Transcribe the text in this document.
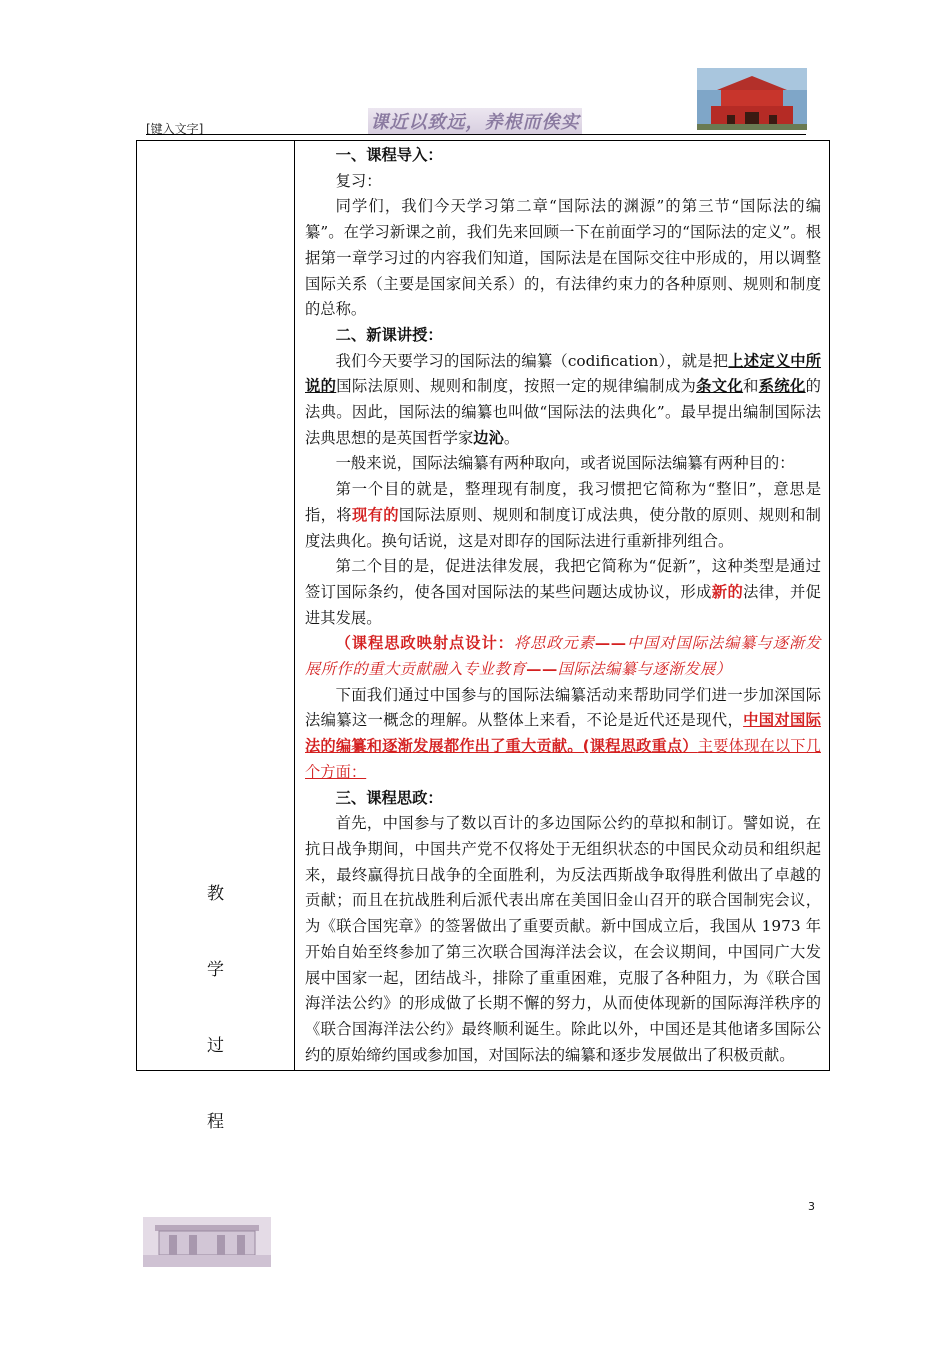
[键入文字]	课近以致远，养根而俟实
教
学
过
程

一、课程导入：

复习：

同学们，我们今天学习第二章“国际法的渊源”的第三节“国际法的编纂”。在学习新课之前，我们先来回顾一下在前面学习的“国际法的定义”。根据第一章学习过的内容我们知道，国际法是在国际交往中形成的，用以调整国际关系（主要是国家间关系）的，有法律约束力的各种原则、规则和制度的总称。

二、新课讲授：

我们今天要学习的国际法的编纂（codification），就是把上述定义中所说的国际法原则、规则和制度，按照一定的规律编制成为条文化和系统化的法典。因此，国际法的编纂也叫做“国际法的法典化”。最早提出编制国际法法典思想的是英国哲学家边沁。

一般来说，国际法编纂有两种取向，或者说国际法编纂有两种目的：

第一个目的就是，整理现有制度，我习惯把它简称为“整旧”，意思是指，将现有的国际法原则、规则和制度订成法典，使分散的原则、规则和制度法典化。换句话说，这是对即存的国际法进行重新排列组合。

第二个目的是，促进法律发展，我把它简称为“促新”，这种类型是通过签订国际条约，使各国对国际法的某些问题达成协议，形成新的法律，并促进其发展。

（课程思政映射点设计：将思政元素——中国对国际法编纂与逐渐发展所作的重大贡献融入专业教育——国际法编纂与逐渐发展）

下面我们通过中国参与的国际法编纂活动来帮助同学们进一步加深国际法编纂这一概念的理解。从整体上来看，不论是近代还是现代，中国对国际法的编纂和逐渐发展都作出了重大贡献。(课程思政重点）主要体现在以下几个方面：

三、课程思政：

首先，中国参与了数以百计的多边国际公约的草拟和制订。譬如说，在抗日战争期间，中国共产党不仅将处于无组织状态的中国民众动员和组织起来，最终赢得抗日战争的全面胜利，为反法西斯战争取得胜利做出了卓越的贡献；而且在抗战胜利后派代表出席在美国旧金山召开的联合国制宪会议，为《联合国宪章》的签署做出了重要贡献。新中国成立后，我国从 1973 年开始自始至终参加了第三次联合国海洋法会议，在会议期间，中国同广大发展中国家一起，团结战斗，排除了重重困难，克服了各种阻力，为《联合国海洋法公约》的形成做了长期不懈的努力，从而使体现新的国际海洋秩序的《联合国海洋法公约》最终顺利诞生。除此以外，中国还是其他诸多国际公约的原始缔约国或参加国，对国际法的编纂和逐步发展做出了积极贡献。

3
